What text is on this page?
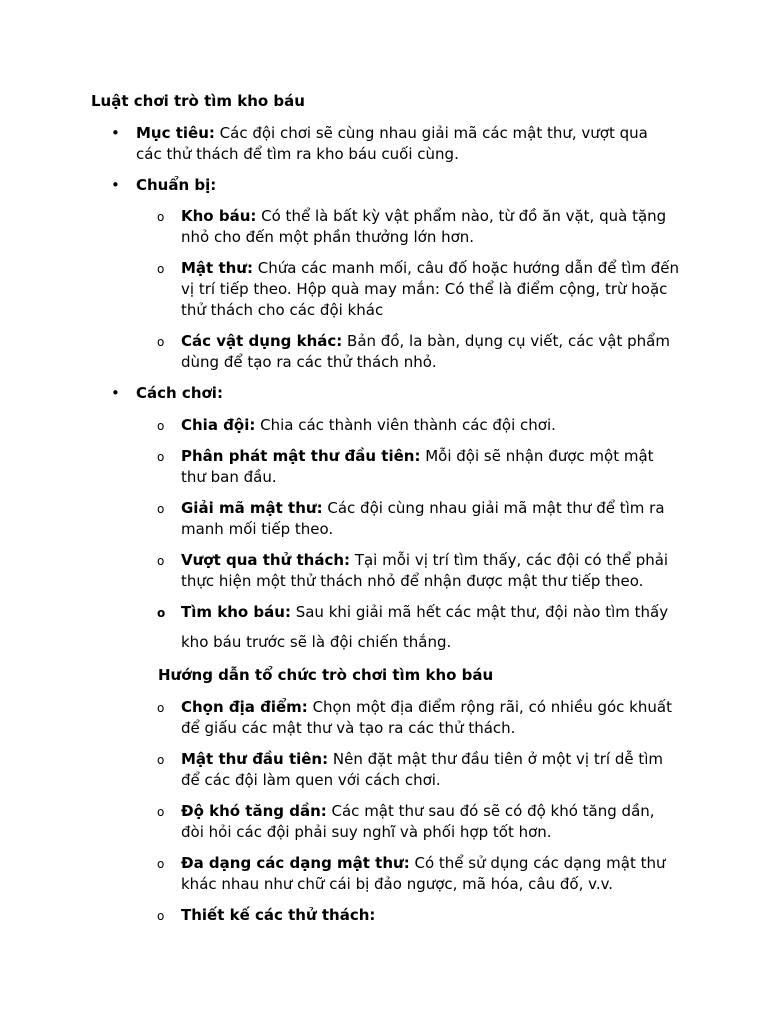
Luật chơi trò tìm kho báu

• Mục tiêu: Các đội chơi sẽ cùng nhau giải mã các mật thư, vượt qua các thử thách để tìm ra kho báu cuối cùng.
• Chuẩn bị:
o Kho báu: Có thể là bất kỳ vật phẩm nào, từ đồ ăn vặt, quà tặng nhỏ cho đến một phần thưởng lớn hơn.
o Mật thư: Chứa các manh mối, câu đố hoặc hướng dẫn để tìm đến vị trí tiếp theo. Hộp quà may mắn: Có thể là điểm cộng, trừ hoặc thử thách cho các đội khác
o Các vật dụng khác: Bản đồ, la bàn, dụng cụ viết, các vật phẩm dùng để tạo ra các thử thách nhỏ.
• Cách chơi:
o Chia đội: Chia các thành viên thành các đội chơi.
o Phân phát mật thư đầu tiên: Mỗi đội sẽ nhận được một mật thư ban đầu.
o Giải mã mật thư: Các đội cùng nhau giải mã mật thư để tìm ra manh mối tiếp theo.
o Vượt qua thử thách: Tại mỗi vị trí tìm thấy, các đội có thể phải thực hiện một thử thách nhỏ để nhận được mật thư tiếp theo.
o Tìm kho báu: Sau khi giải mã hết các mật thư, đội nào tìm thấy kho báu trước sẽ là đội chiến thắng.

Hướng dẫn tổ chức trò chơi tìm kho báu

o Chọn địa điểm: Chọn một địa điểm rộng rãi, có nhiều góc khuất để giấu các mật thư và tạo ra các thử thách.
o Mật thư đầu tiên: Nên đặt mật thư đầu tiên ở một vị trí dễ tìm để các đội làm quen với cách chơi.
o Độ khó tăng dần: Các mật thư sau đó sẽ có độ khó tăng dần, đòi hỏi các đội phải suy nghĩ và phối hợp tốt hơn.
o Đa dạng các dạng mật thư: Có thể sử dụng các dạng mật thư khác nhau như chữ cái bị đảo ngược, mã hóa, câu đố, v.v.
o Thiết kế các thử thách:
